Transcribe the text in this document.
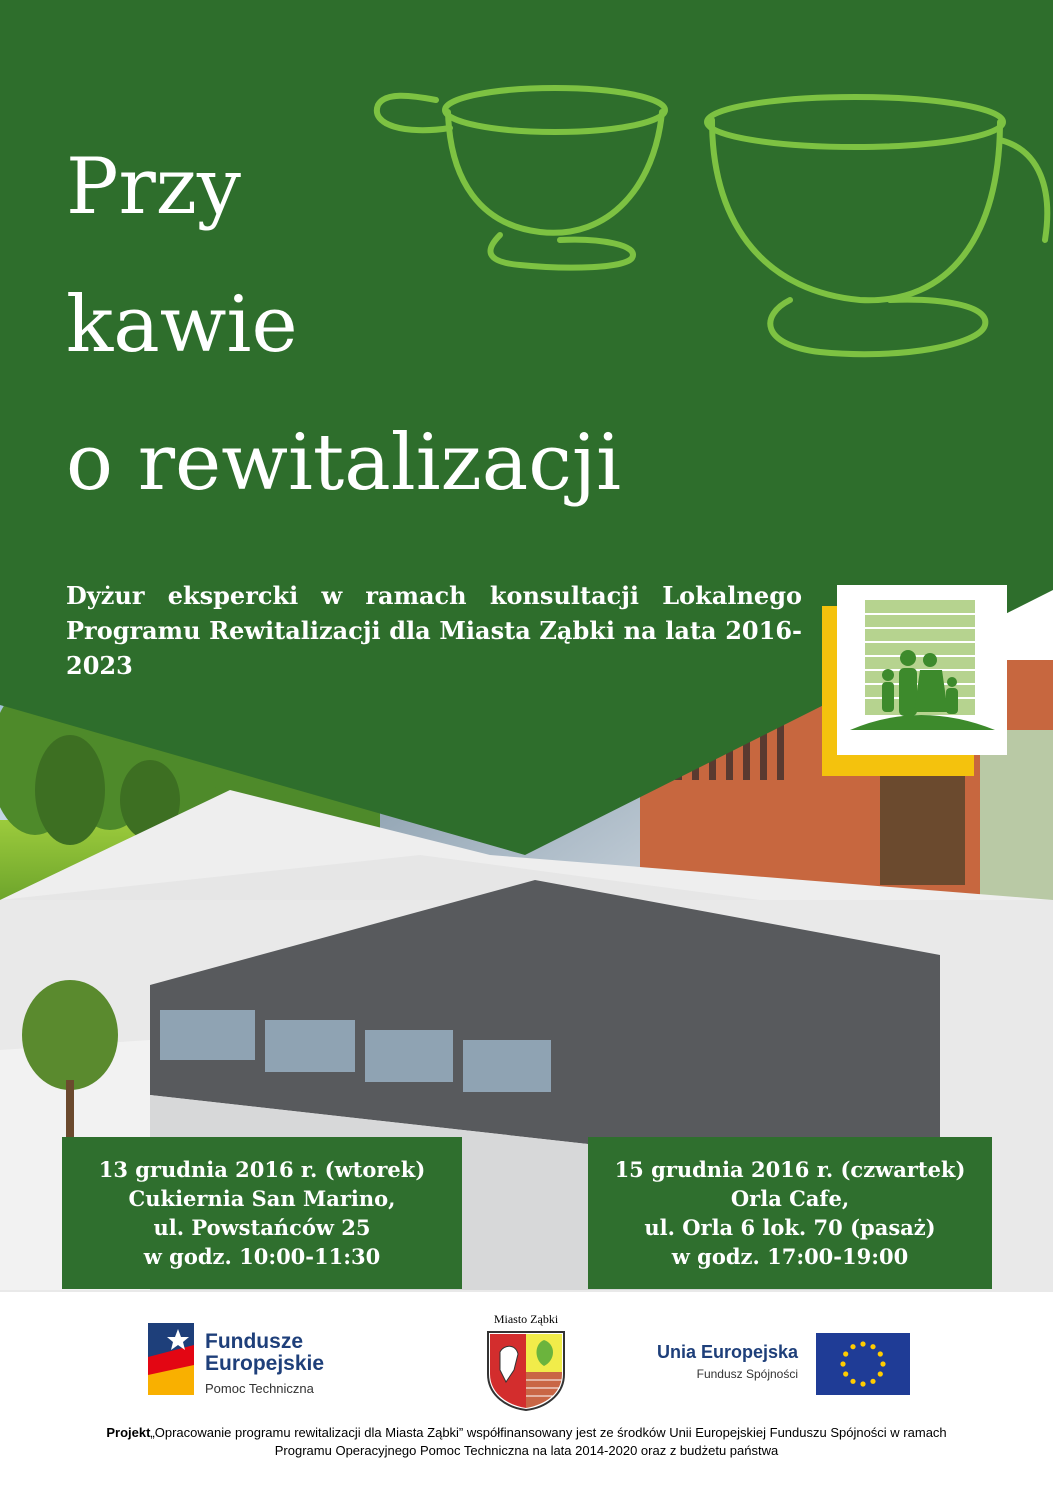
Przy
kawie
o rewitalizacji

Dyżur ekspercki w ramach konsultacji Lokalnego Programu Rewitalizacji dla Miasta Ząbki na lata 2016-2023

13 grudnia 2016 r. (wtorek)
Cukiernia San Marino,
ul. Powstańców 25
w godz. 10:00-11:30
15 grudnia 2016 r. (czwartek)
Orla Cafe,
ul. Orla 6 lok. 70 (pasaż)
w godz. 17:00-19:00
Fundusze
Europejskie
Pomoc Techniczna
Miasto Ząbki
Unia Europejska
Fundusz Spójności
Projekt„Opracowanie programu rewitalizacji dla Miasta Ząbki” współfinansowany jest ze środków Unii Europejskiej Funduszu Spójności w ramach
Programu Operacyjnego Pomoc Techniczna na lata 2014-2020 oraz z budżetu państwa
